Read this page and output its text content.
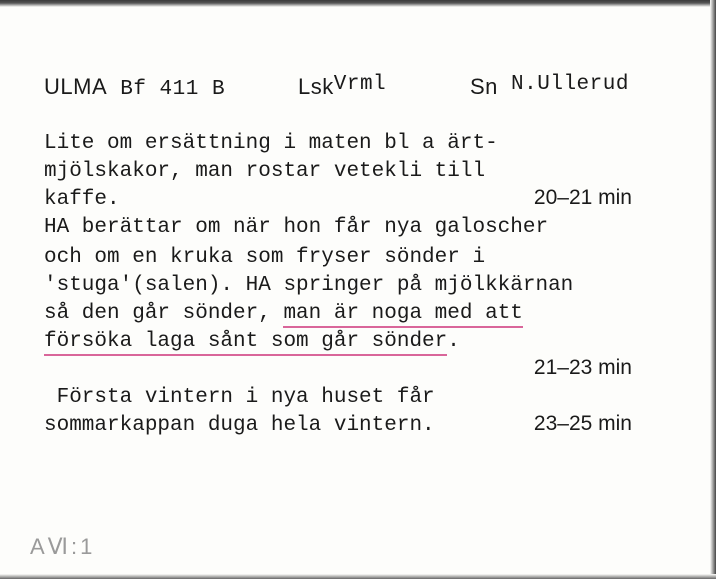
ULMA Bf 411 B	LskVrml	Sn N.Ullerud
Lite om ersättning i maten bl a ärt-
mjölskakor, man rostar vetekli till
kaffe.	20–21 min
HA berättar om när hon får nya galoscher
och om en kruka som fryser sönder i
'stuga'(salen). HA springer på mjölkkärnan
så den går sönder, man är noga med att
försöka laga sånt som går sönder.
21–23 min
Första vintern i nya huset får
sommarkappan duga hela vintern.	23–25 min
AⅥ:1
